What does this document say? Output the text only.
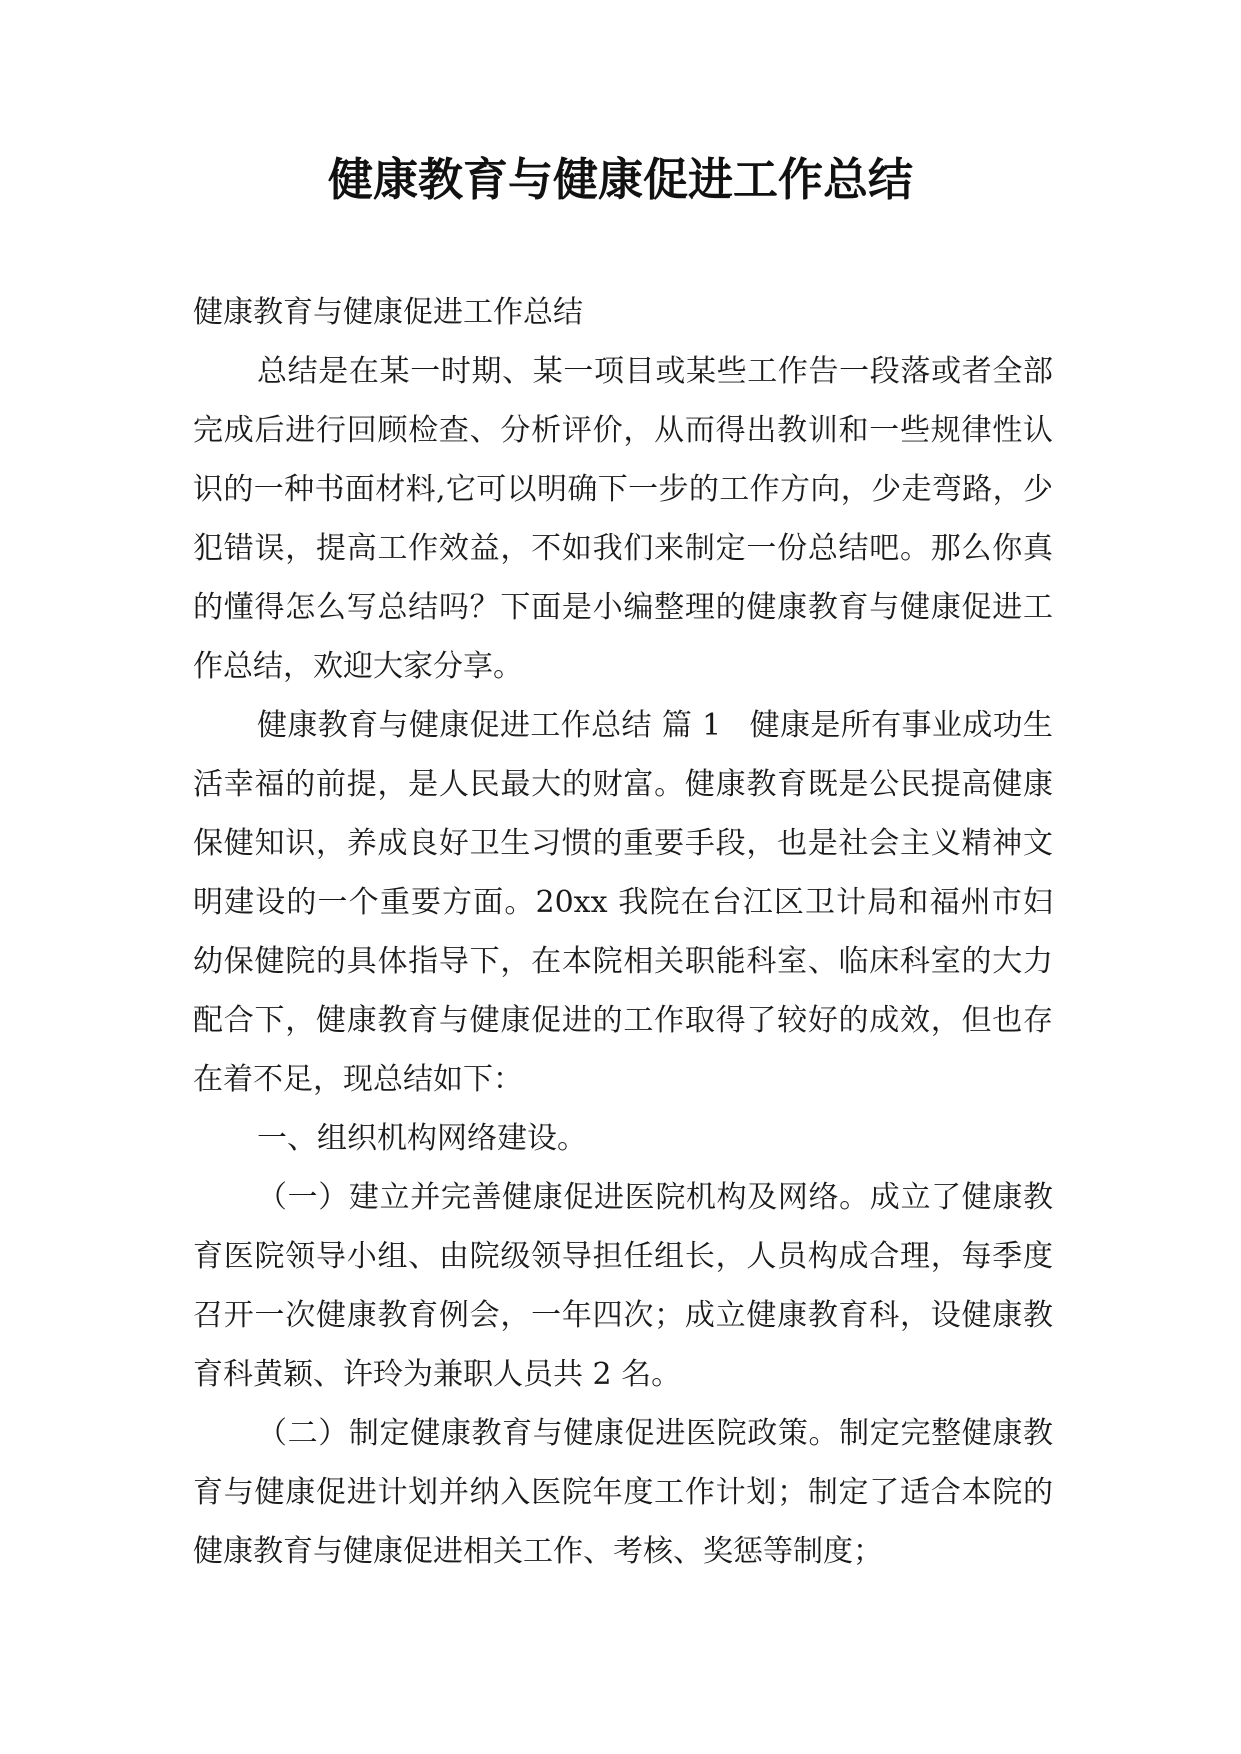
健康教育与健康促进工作总结

健康教育与健康促进工作总结

总结是在某一时期、某一项目或某些工作告一段落或者全部完成后进行回顾检查、分析评价，从而得出教训和一些规律性认识的一种书面材料,它可以明确下一步的工作方向，少走弯路，少犯错误，提高工作效益，不如我们来制定一份总结吧。那么你真的懂得怎么写总结吗？下面是小编整理的健康教育与健康促进工作总结，欢迎大家分享。

健康教育与健康促进工作总结 篇 1 健康是所有事业成功生活幸福的前提，是人民最大的财富。健康教育既是公民提高健康保健知识，养成良好卫生习惯的重要手段，也是社会主义精神文明建设的一个重要方面。20xx 我院在台江区卫计局和福州市妇幼保健院的具体指导下，在本院相关职能科室、临床科室的大力配合下，健康教育与健康促进的工作取得了较好的成效，但也存在着不足，现总结如下：

一、组织机构网络建设。

（一）建立并完善健康促进医院机构及网络。成立了健康教育医院领导小组、由院级领导担任组长，人员构成合理，每季度召开一次健康教育例会，一年四次；成立健康教育科，设健康教育科黄颖、许玲为兼职人员共 2 名。

（二）制定健康教育与健康促进医院政策。制定完整健康教育与健康促进计划并纳入医院年度工作计划；制定了适合本院的健康教育与健康促进相关工作、考核、奖惩等制度；
